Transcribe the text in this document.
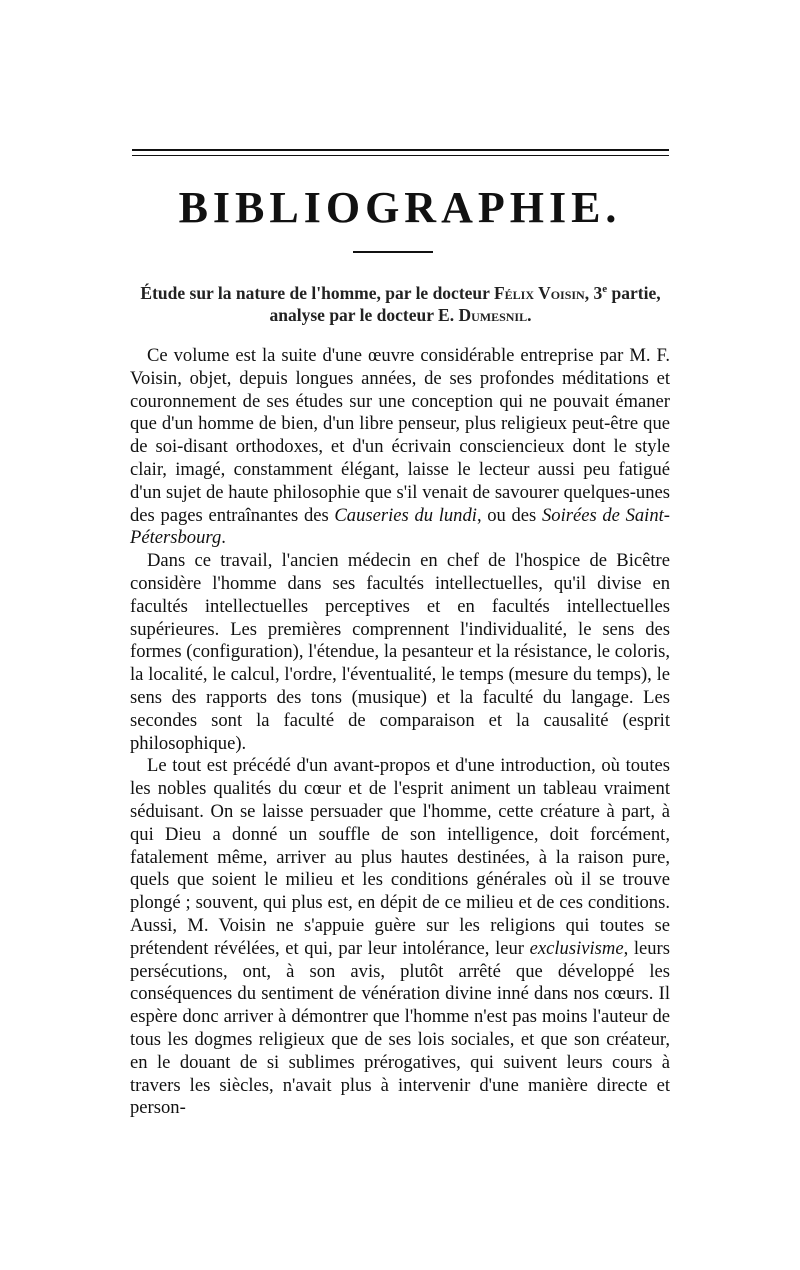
BIBLIOGRAPHIE.
Étude sur la nature de l'homme, par le docteur Félix Voisin, 3e partie,
analyse par le docteur E. Dumesnil.

Ce volume est la suite d'une œuvre considérable entreprise par M. F. Voisin, objet, depuis longues années, de ses profondes méditations et couronnement de ses études sur une conception qui ne pouvait émaner que d'un homme de bien, d'un libre penseur, plus religieux peut-être que de soi-disant orthodoxes, et d'un écrivain consciencieux dont le style clair, imagé, constamment élégant, laisse le lecteur aussi peu fatigué d'un sujet de haute philosophie que s'il venait de savourer quelques-unes des pages entraînantes des Causeries du lundi, ou des Soirées de Saint-Pétersbourg.

Dans ce travail, l'ancien médecin en chef de l'hospice de Bicêtre considère l'homme dans ses facultés intellectuelles, qu'il divise en facultés intellectuelles perceptives et en facultés intellectuelles supérieures. Les premières comprennent l'individualité, le sens des formes (configuration), l'étendue, la pesanteur et la résistance, le coloris, la localité, le calcul, l'ordre, l'éventualité, le temps (mesure du temps), le sens des rapports des tons (musique) et la faculté du langage. Les secondes sont la faculté de comparaison et la causalité (esprit philosophique).

Le tout est précédé d'un avant-propos et d'une introduction, où toutes les nobles qualités du cœur et de l'esprit animent un tableau vraiment séduisant. On se laisse persuader que l'homme, cette créature à part, à qui Dieu a donné un souffle de son intelligence, doit forcément, fatalement même, arriver au plus hautes destinées, à la raison pure, quels que soient le milieu et les conditions générales où il se trouve plongé ; souvent, qui plus est, en dépit de ce milieu et de ces conditions. Aussi, M. Voisin ne s'appuie guère sur les religions qui toutes se prétendent révélées, et qui, par leur intolérance, leur exclusivisme, leurs persécutions, ont, à son avis, plutôt arrêté que développé les conséquences du sentiment de vénération divine inné dans nos cœurs. Il espère donc arriver à démontrer que l'homme n'est pas moins l'auteur de tous les dogmes religieux que de ses lois sociales, et que son créateur, en le douant de si sublimes prérogatives, qui suivent leurs cours à travers les siècles, n'avait plus à intervenir d'une manière directe et person-
